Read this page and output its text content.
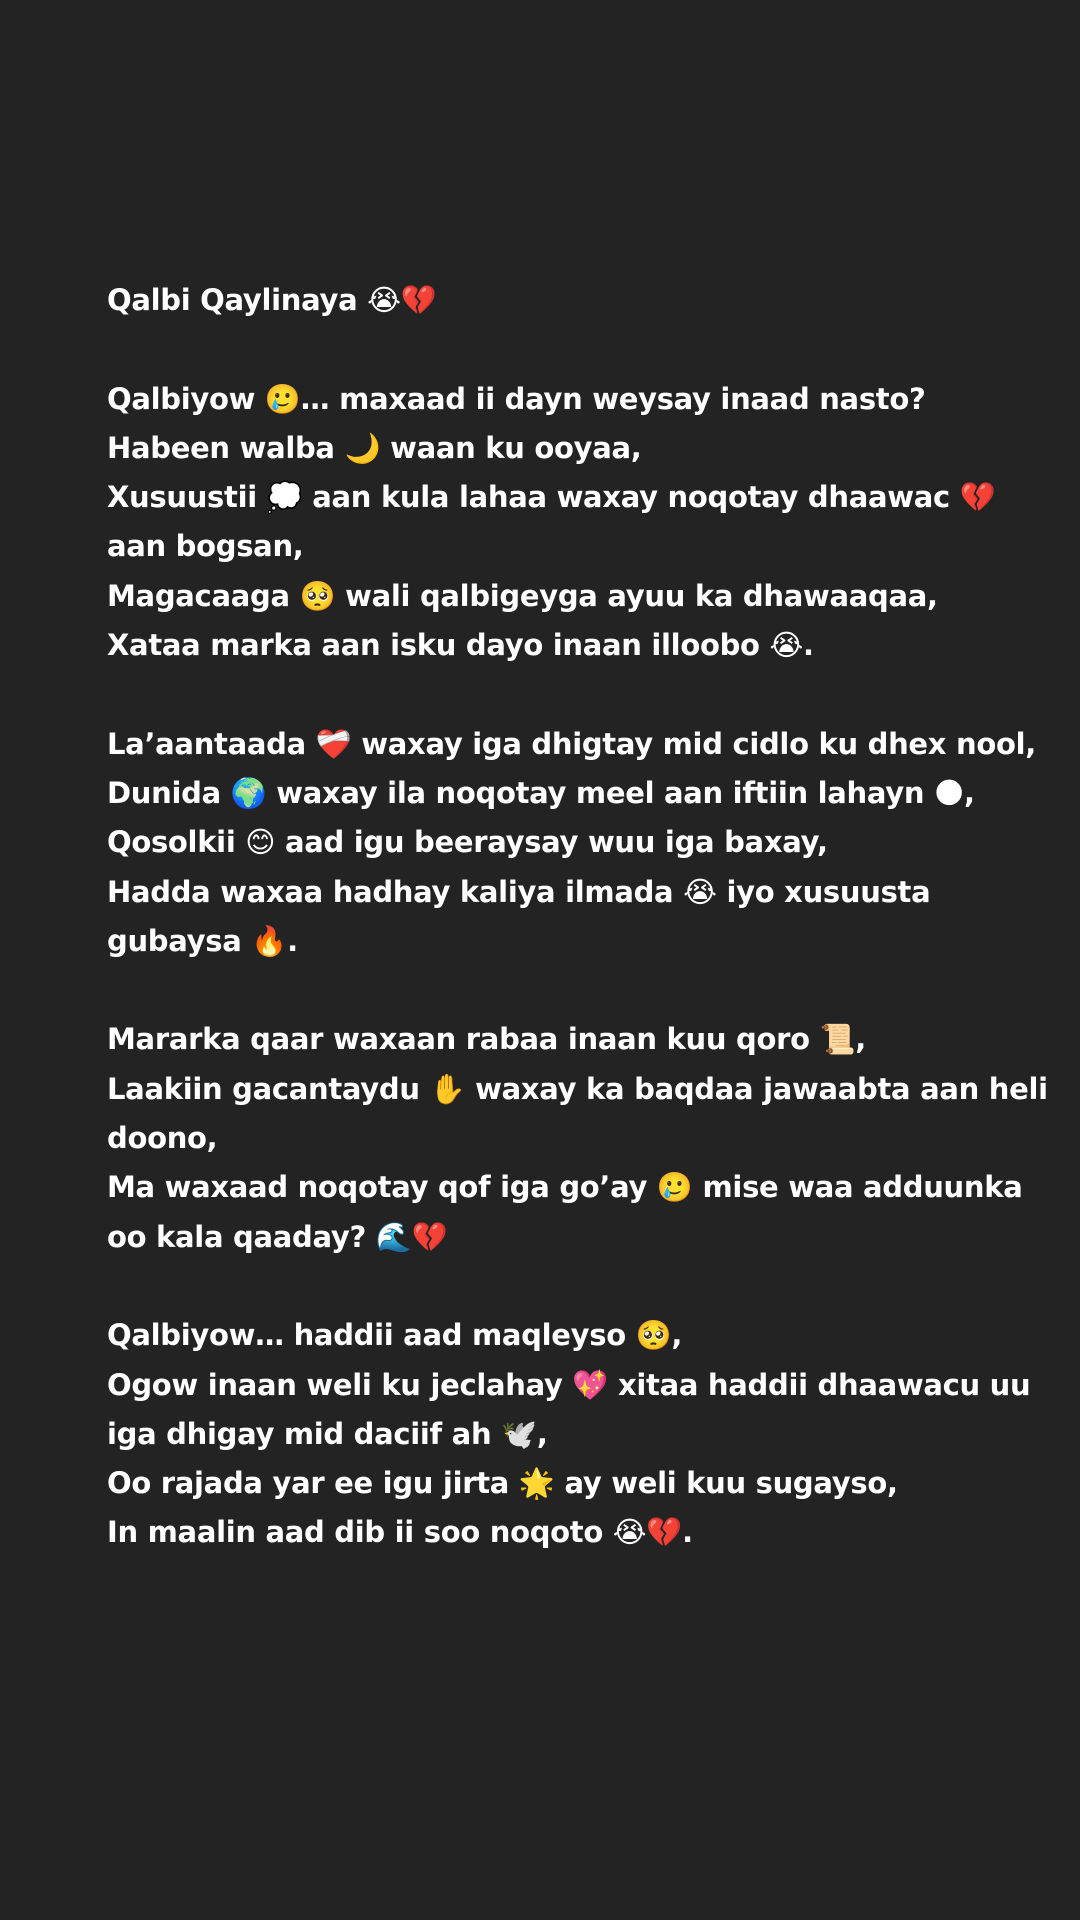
Qalbi Qaylinaya 😭💔
Qalbiyow 🥲… maxaad ii dayn weysay inaad nasto?
Habeen walba 🌙 waan ku ooyaa,
Xusuustii 💭 aan kula lahaa waxay noqotay dhaawac 💔
aan bogsan,
Magacaaga 🥺 wali qalbigeyga ayuu ka dhawaaqaa,
Xataa marka aan isku dayo inaan illoobo 😭.
La’aantaada ❤️‍🩹 waxay iga dhigtay mid cidlo ku dhex nool,
Dunida 🌍 waxay ila noqotay meel aan iftiin lahayn 🌑,
Qosolkii 😊 aad igu beeraysay wuu iga baxay,
Hadda waxaa hadhay kaliya ilmada 😭 iyo xusuusta
gubaysa 🔥.
Mararka qaar waxaan rabaa inaan kuu qoro 📜,
Laakiin gacantaydu ✋ waxay ka baqdaa jawaabta aan heli
doono,
Ma waxaad noqotay qof iga go’ay 🥲 mise waa adduunka
oo kala qaaday? 🌊💔
Qalbiyow… haddii aad maqleyso 🥺,
Ogow inaan weli ku jeclahay 💖 xitaa haddii dhaawacu uu
iga dhigay mid daciif ah 🕊️,
Oo rajada yar ee igu jirta 🌟 ay weli kuu sugayso,
In maalin aad dib ii soo noqoto 😭💔.
